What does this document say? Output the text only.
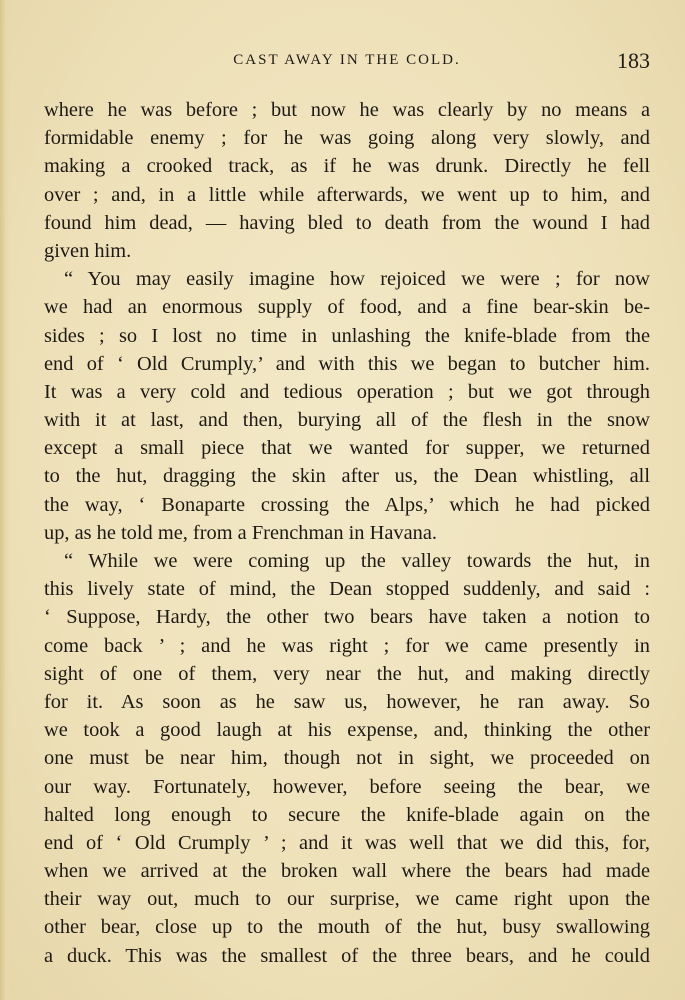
CAST AWAY IN THE COLD.	183
where he was before ; but now he was clearly by no means a
formidable enemy ; for he was going along very slowly, and
making a crooked track, as if he was drunk. Directly he fell
over ; and, in a little while afterwards, we went up to him, and
found him dead, — having bled to death from the wound I had
given him.
“ You may easily imagine how rejoiced we were ; for now
we had an enormous supply of food, and a fine bear-skin be-
sides ; so I lost no time in unlashing the knife-blade from the
end of ‘ Old Crumply,’ and with this we began to butcher him.
It was a very cold and tedious operation ; but we got through
with it at last, and then, burying all of the flesh in the snow
except a small piece that we wanted for supper, we returned
to the hut, dragging the skin after us, the Dean whistling, all
the way, ‘ Bonaparte crossing the Alps,’ which he had picked
up, as he told me, from a Frenchman in Havana.
“ While we were coming up the valley towards the hut, in
this lively state of mind, the Dean stopped suddenly, and said :
‘ Suppose, Hardy, the other two bears have taken a notion to
come back ’ ; and he was right ; for we came presently in
sight of one of them, very near the hut, and making directly
for it. As soon as he saw us, however, he ran away. So
we took a good laugh at his expense, and, thinking the other
one must be near him, though not in sight, we proceeded on
our way. Fortunately, however, before seeing the bear, we
halted long enough to secure the knife-blade again on the
end of ‘ Old Crumply ’ ; and it was well that we did this, for,
when we arrived at the broken wall where the bears had made
their way out, much to our surprise, we came right upon the
other bear, close up to the mouth of the hut, busy swallowing
a duck. This was the smallest of the three bears, and he could
